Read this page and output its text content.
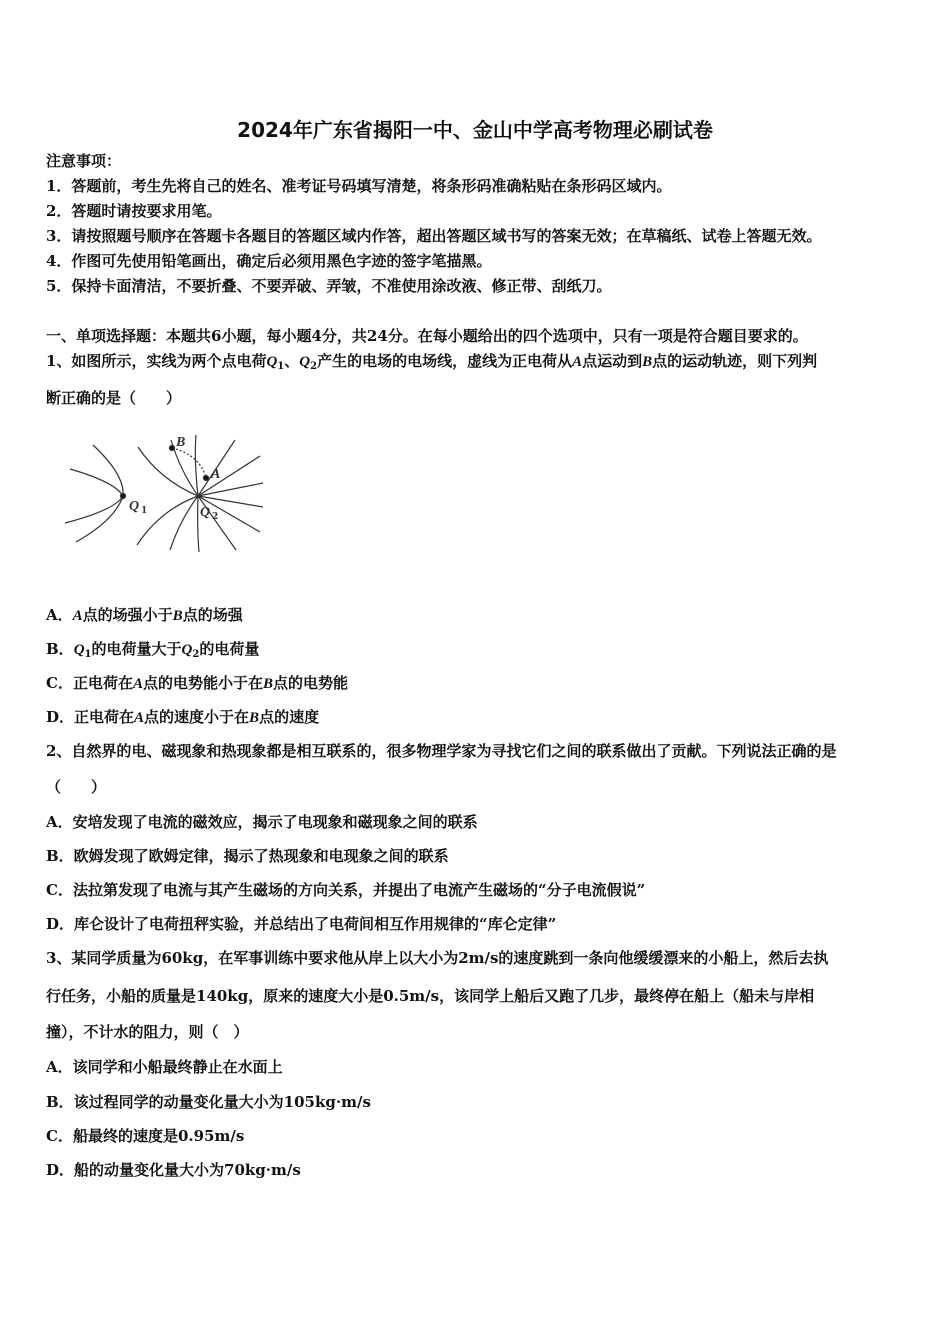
2024年广东省揭阳一中、金山中学高考物理必刷试卷
注意事项：
1．答题前，考生先将自己的姓名、准考证号码填写清楚，将条形码准确粘贴在条形码区域内。
2．答题时请按要求用笔。
3．请按照题号顺序在答题卡各题目的答题区域内作答，超出答题区域书写的答案无效；在草稿纸、试卷上答题无效。
4．作图可先使用铅笔画出，确定后必须用黑色字迹的签字笔描黑。
5．保持卡面清洁，不要折叠、不要弄破、弄皱，不准使用涂改液、修正带、刮纸刀。
一、单项选择题：本题共6小题，每小题4分，共24分。在每小题给出的四个选项中，只有一项是符合题目要求的。
1、如图所示，实线为两个点电荷$Q_1$、$Q_2$产生的电场的电场线，虚线为正电荷从A点运动到B点的运动轨迹，则下列判
断正确的是（　　）
B
A
Q 1	Q 2
A．A点的场强小于B点的场强
B．$Q_1$的电荷量大于$Q_2$的电荷量
C．正电荷在A点的电势能小于在B点的电势能
D．正电荷在A点的速度小于在B点的速度
2、自然界的电、磁现象和热现象都是相互联系的，很多物理学家为寻找它们之间的联系做出了贡献。下列说法正确的是
（　　）
A．安培发现了电流的磁效应，揭示了电现象和磁现象之间的联系
B．欧姆发现了欧姆定律，揭示了热现象和电现象之间的联系
C．法拉第发现了电流与其产生磁场的方向关系，并提出了电流产生磁场的“分子电流假说”
D．库仑设计了电荷扭秤实验，并总结出了电荷间相互作用规律的“库仑定律”
3、某同学质量为60kg，在军事训练中要求他从岸上以大小为2m/s的速度跳到一条向他缓缓漂来的小船上，然后去执
行任务，小船的质量是140kg，原来的速度大小是0.5m/s，该同学上船后又跑了几步，最终停在船上（船未与岸相
撞），不计水的阻力，则（　）
A．该同学和小船最终静止在水面上
B．该过程同学的动量变化量大小为105kg·m/s
C．船最终的速度是0.95m/s
D．船的动量变化量大小为70kg·m/s
